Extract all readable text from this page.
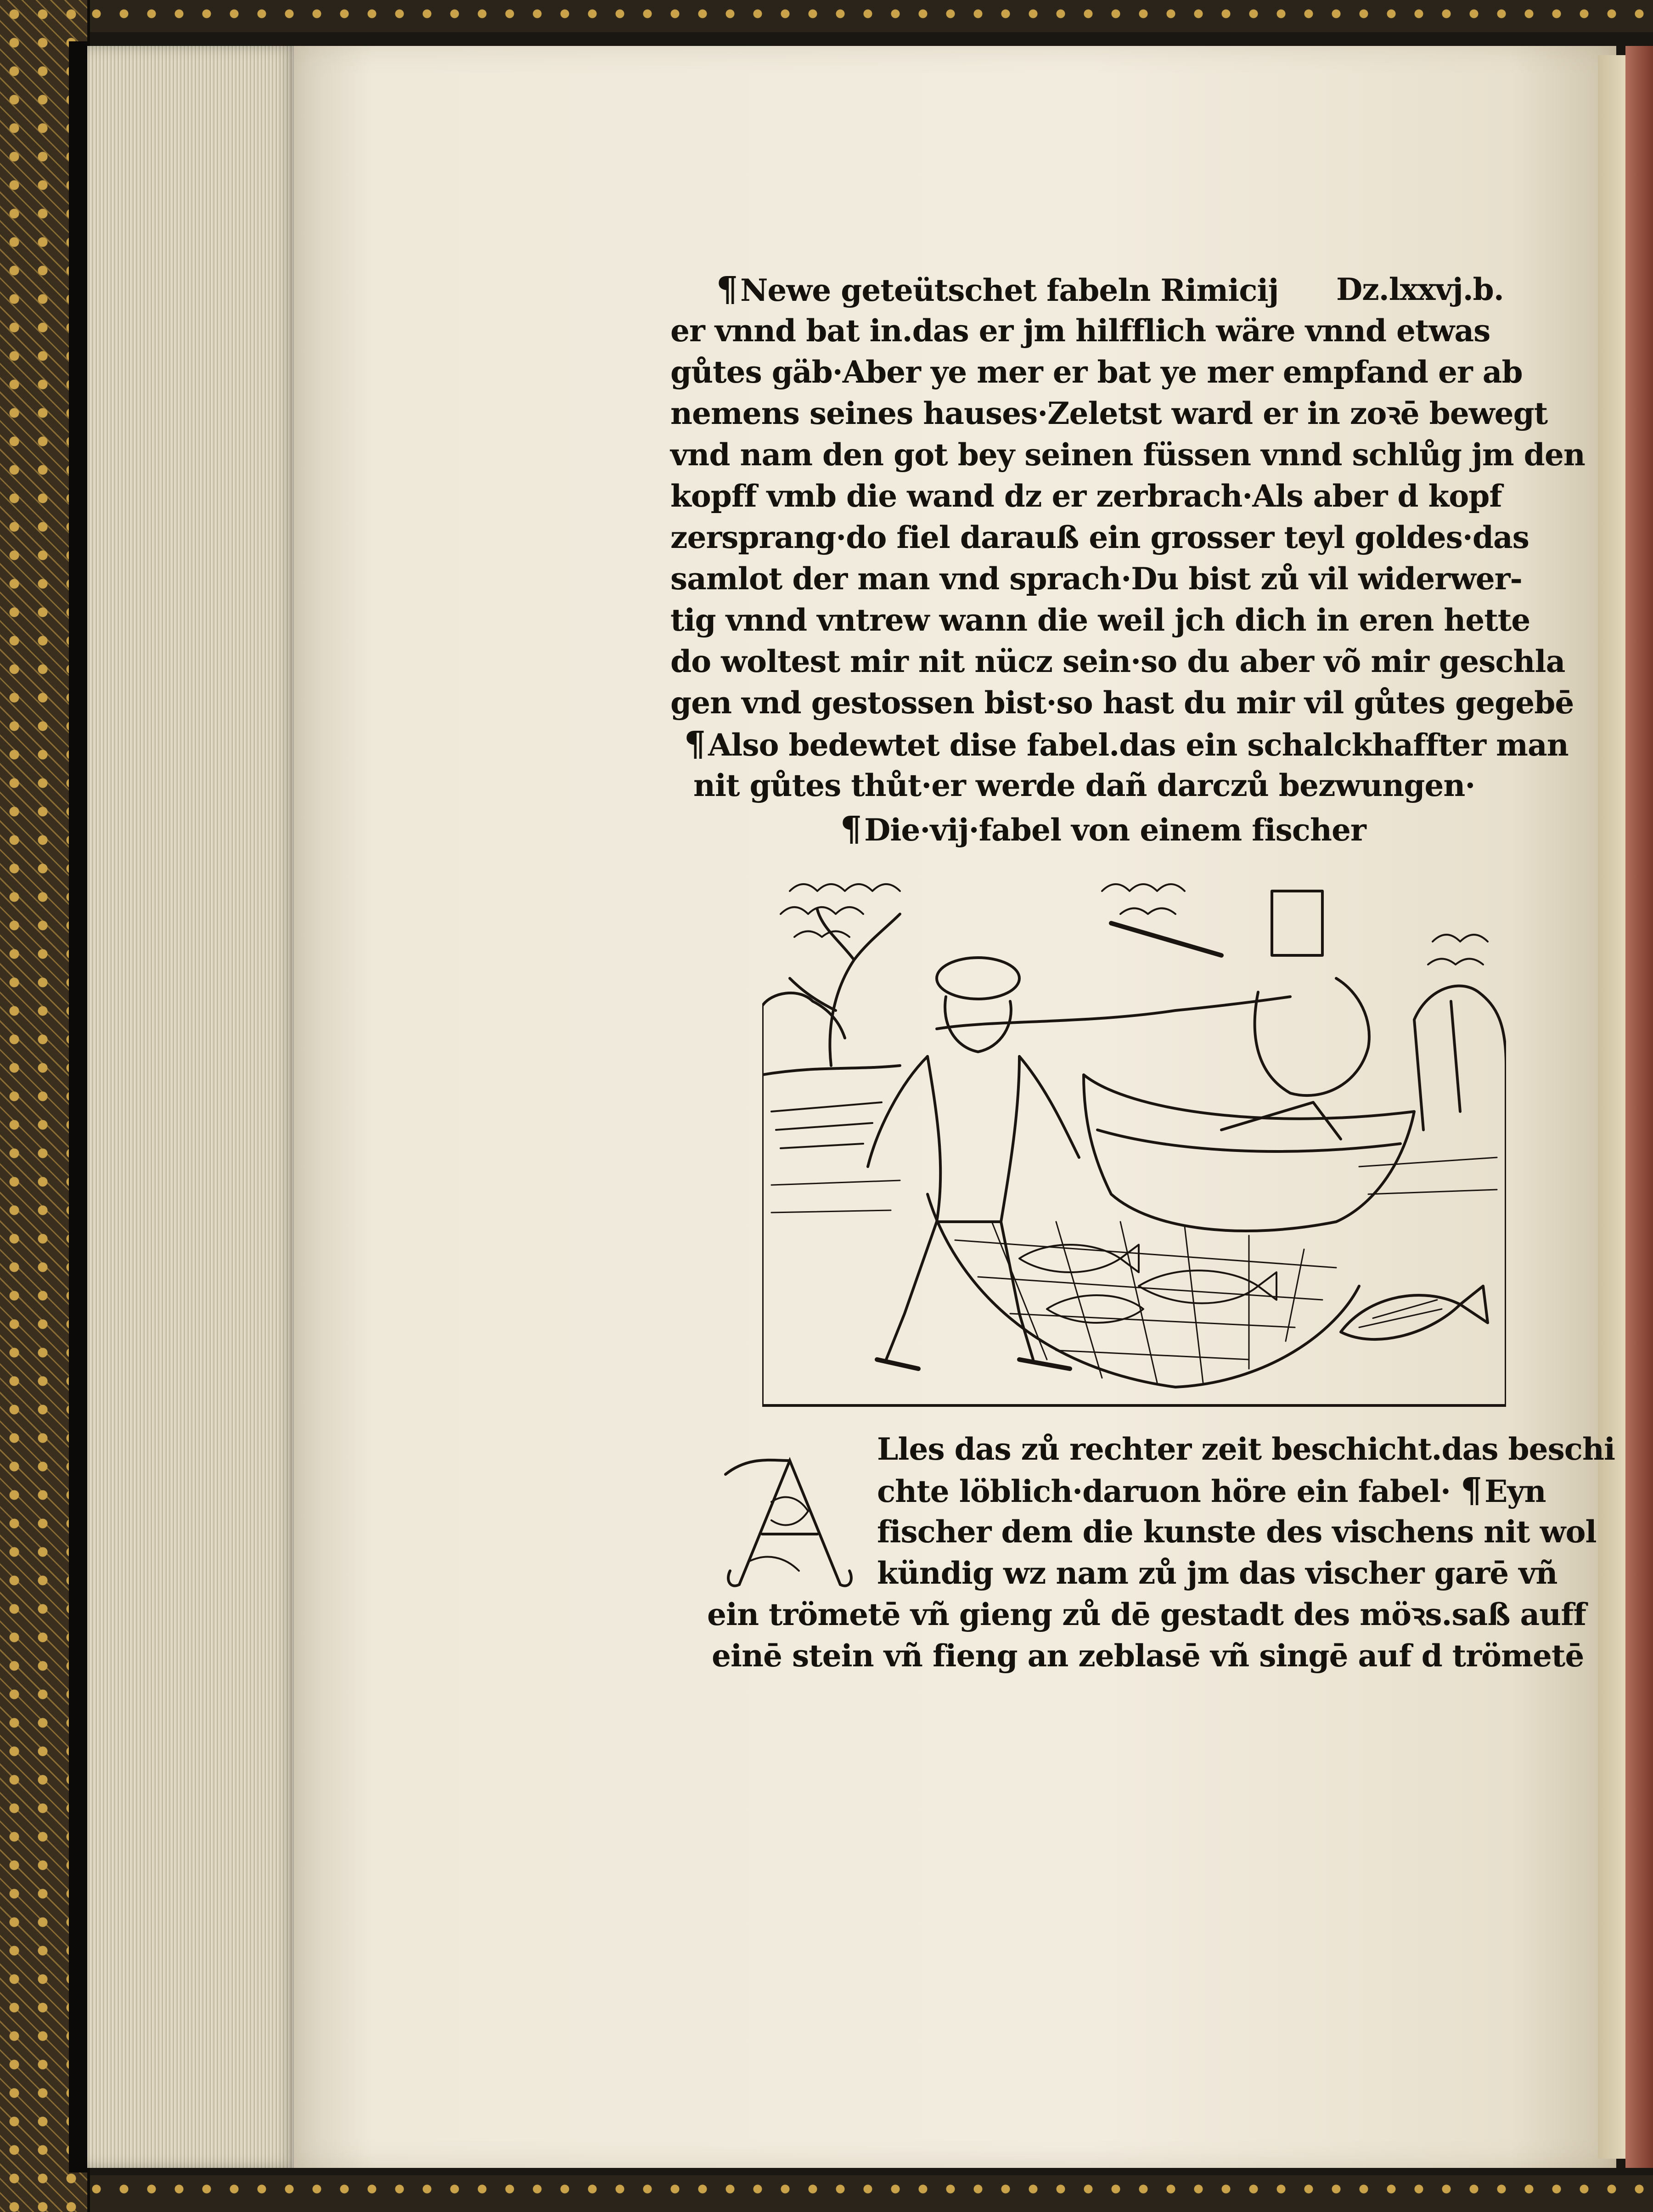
¶Newe geteütschet fabeln Rimicij Dz.lxxvj.b.
er vnnd bat in.das er jm hilfflich wäre vnnd etwas
gůtes gäb·Aber ye mer er bat ye mer empfand er ab
nemens seines hauses·Zeletst ward er in zoꝛē bewegt
vnd nam den got bey seinen füssen vnnd schlůg jm den
kopff vmb die wand dz er zerbrach·Als aber d kopf
zersprang·do fiel darauß ein grosser teyl goldes·das
samlot der man vnd sprach·Du bist zů vil widerwer-
tig vnnd vntrew wann die weil jch dich in eren hette
do woltest mir nit nücz sein·so du aber võ mir geschla
gen vnd gestossen bist·so hast du mir vil gůtes gegebē
¶Also bedewtet dise fabel.das ein schalckhaffter man
nit gůtes thůt·er werde dañ darczů bezwungen·
¶Die·vij·fabel von einem fischer
Lles das zů rechter zeit beschicht.das beschi
chte löblich·daruon höre ein fabel· ¶Eyn
fischer dem die kunste des vischens nit wol
kündig wz nam zů jm das vischer garē vñ
ein trömetē vñ gieng zů dē gestadt des möꝛs.saß auff
einē stein vñ fieng an zeblasē vñ singē auf d trömetē
